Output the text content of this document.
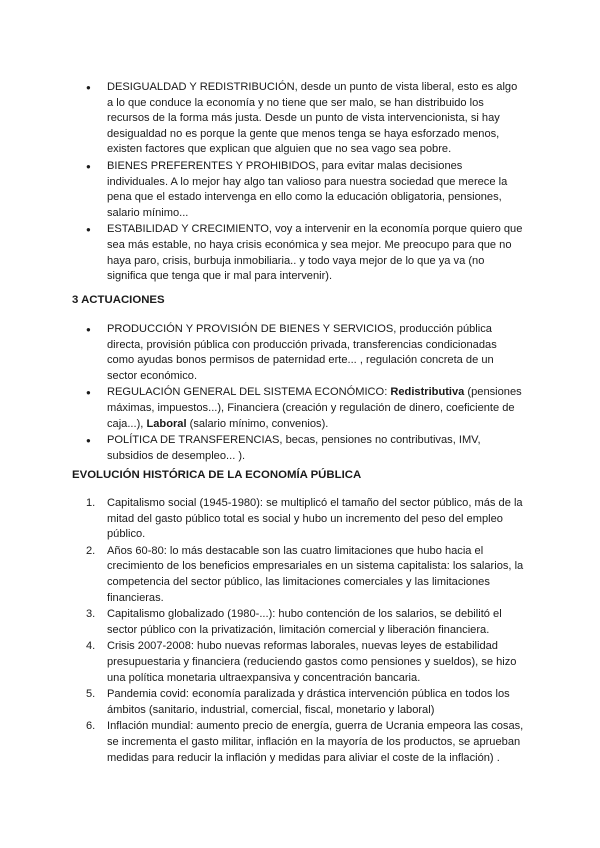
●	DESIGUALDAD Y REDISTRIBUCIÓN, desde un punto de vista liberal, esto es algo a lo que conduce la economía y no tiene que ser malo, se han distribuido los recursos de la forma más justa. Desde un punto de vista intervencionista, si hay desigualdad no es porque la gente que menos tenga se haya esforzado menos, existen factores que explican que alguien que no sea vago sea pobre.
●	BIENES PREFERENTES Y PROHIBIDOS, para evitar malas decisiones individuales. A lo mejor hay algo tan valioso para nuestra sociedad que merece la pena que el estado intervenga en ello como la educación obligatoria, pensiones, salario mínimo...
●	ESTABILIDAD Y CRECIMIENTO, voy a intervenir en la economía porque quiero que sea más estable, no haya crisis económica y sea mejor. Me preocupo para que no haya paro, crisis, burbuja inmobiliaria.. y todo vaya mejor de lo que ya va (no significa que tenga que ir mal para intervenir).
3 ACTUACIONES
●	PRODUCCIÓN Y PROVISIÓN DE BIENES Y SERVICIOS, producción pública directa, provisión pública con producción privada, transferencias condicionadas como ayudas bonos permisos de paternidad erte... , regulación concreta de un sector económico.
●	REGULACIÓN GENERAL DEL SISTEMA ECONÓMICO: Redistributiva (pensiones máximas, impuestos...), Financiera (creación y regulación de dinero, coeficiente de caja...), Laboral (salario mínimo, convenios).
●	POLÍTICA DE TRANSFERENCIAS, becas, pensiones no contributivas, IMV, subsidios de desempleo... ).
EVOLUCIÓN HISTÓRICA DE LA ECONOMÍA PÚBLICA
1.	Capitalismo social (1945-1980): se multiplicó el tamaño del sector público, más de la mitad del gasto público total es social y hubo un incremento del peso del empleo público.
2.	Años 60-80: lo más destacable son las cuatro limitaciones que hubo hacia el crecimiento de los beneficios empresariales en un sistema capitalista: los salarios, la competencia del sector público, las limitaciones comerciales y las limitaciones financieras.
3.	Capitalismo globalizado (1980-...): hubo contención de los salarios, se debilitó el sector público con la privatización, limitación comercial y liberación financiera.
4.	Crisis 2007-2008: hubo nuevas reformas laborales, nuevas leyes de estabilidad presupuestaria y financiera (reduciendo gastos como pensiones y sueldos), se hizo una política monetaria ultraexpansiva y concentración bancaria.
5.	Pandemia covid: economía paralizada y drástica intervención pública en todos los ámbitos (sanitario, industrial, comercial, fiscal, monetario y laboral)
6.	Inflación mundial: aumento precio de energía, guerra de Ucrania empeora las cosas, se incrementa el gasto militar, inflación en la mayoría de los productos, se aprueban medidas para reducir la inflación y medidas para aliviar el coste de la inflación) .
